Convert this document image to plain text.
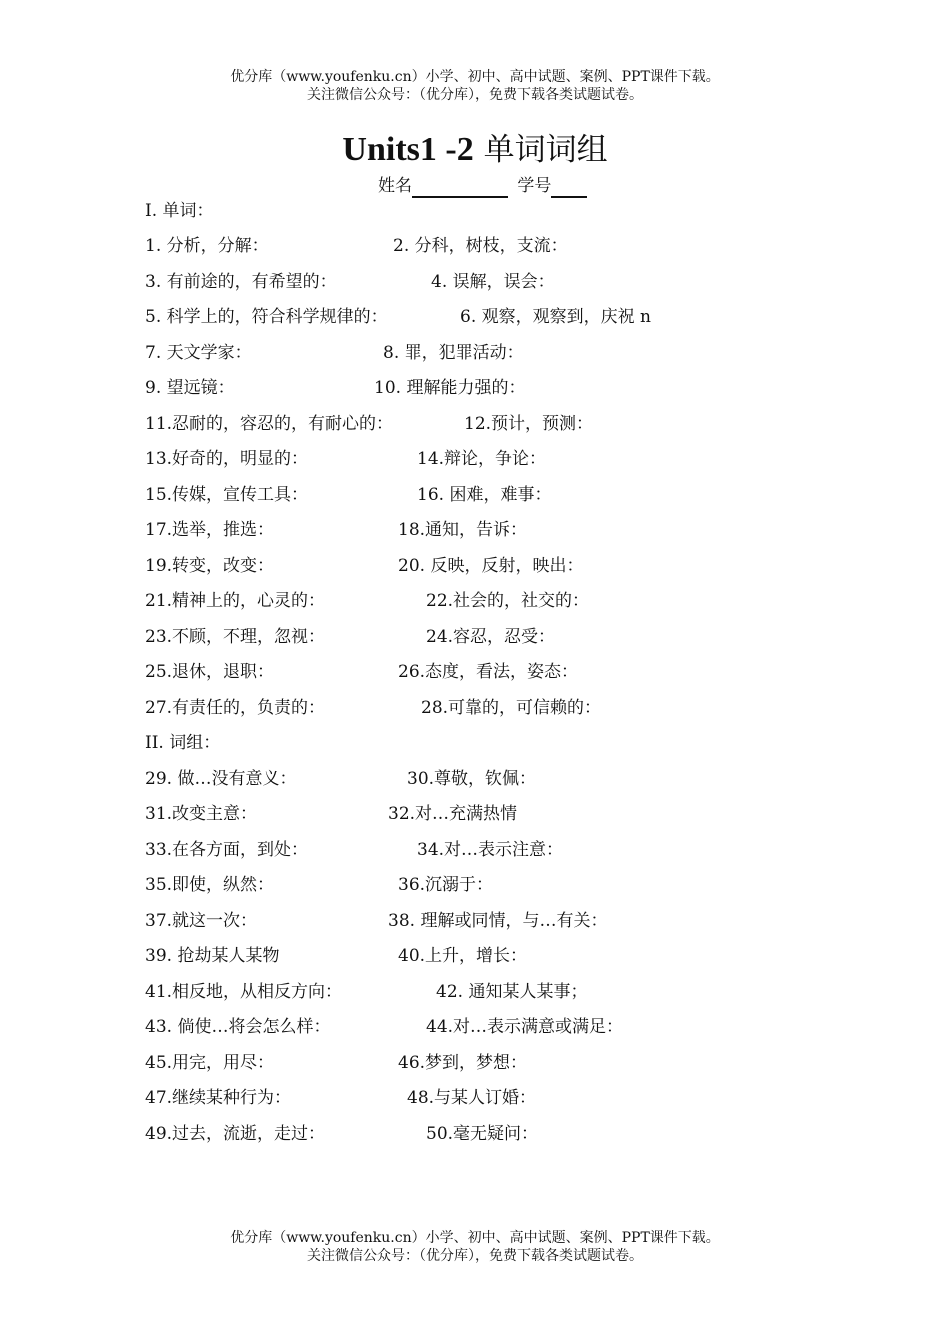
优分库（www.youfenku.cn）小学、初中、高中试题、案例、PPT课件下载。
关注微信公众号：（优分库），免费下载各类试题试卷。
Units1 -2 单词词组
姓名	学号
I. 单词：
1. 分析，分解：	2. 分科，树枝，支流：
3. 有前途的，有希望的：	4. 误解，误会：
5. 科学上的，符合科学规律的：	6. 观察，观察到，庆祝 n
7. 天文学家：	8. 罪，犯罪活动：
9. 望远镜：	10. 理解能力强的：
11.忍耐的，容忍的，有耐心的：	12.预计，预测：
13.好奇的，明显的：	14.辩论，争论：
15.传媒，宣传工具：	16. 困难，难事：
17.选举，推选：	18.通知，告诉：
19.转变，改变：	20. 反映，反射，映出：
21.精神上的，心灵的：	22.社会的，社交的：
23.不顾，不理，忽视：	24.容忍，忍受：
25.退休，退职：	26.态度，看法，姿态：
27.有责任的，负责的：	28.可靠的，可信赖的：
II. 词组：
29. 做…没有意义：	30.尊敬，钦佩：
31.改变主意：	32.对…充满热情
33.在各方面，到处：	34.对…表示注意：
35.即使，纵然：	36.沉溺于：
37.就这一次：	38. 理解或同情，与…有关：
39. 抢劫某人某物	40.上升，增长：
41.相反地，从相反方向：	42. 通知某人某事；
43. 倘使…将会怎么样：	44.对…表示满意或满足：
45.用完，用尽：	46.梦到，梦想：
47.继续某种行为：	48.与某人订婚：
49.过去，流逝，走过：	50.毫无疑问：
优分库（www.youfenku.cn）小学、初中、高中试题、案例、PPT课件下载。
关注微信公众号：（优分库），免费下载各类试题试卷。
